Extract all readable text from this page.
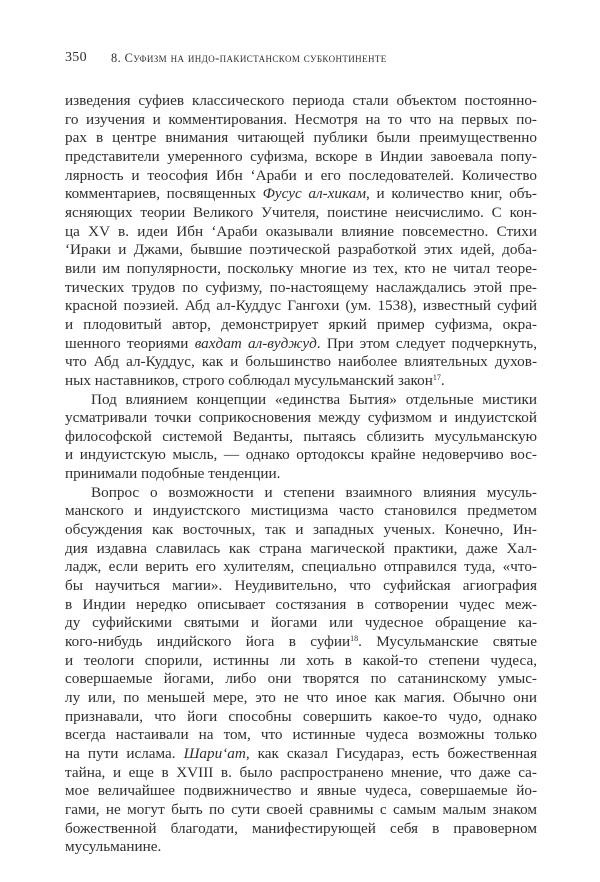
350 8. Суфизм на индо-пакистанском субконтиненте
изведения суфиев классического периода стали объектом постоянно-
го изучения и комментирования. Несмотря на то что на первых по-
рах в центре внимания читающей публики были преимущественно
представители умеренного суфизма, вскоре в Индии завоевала попу-
лярность и теософия Ибн ‘Араби и его последователей. Количество
комментариев, посвященных Фусус ал-хикам, и количество книг, объ-
ясняющих теории Великого Учителя, поистине неисчислимо. С кон-
ца XV в. идеи Ибн ‘Араби оказывали влияние повсеместно. Стихи
‘Ираки и Джами, бывшие поэтической разработкой этих идей, доба-
вили им популярности, поскольку многие из тех, кто не читал теоре-
тических трудов по суфизму, по-настоящему наслаждались этой пре-
красной поэзией. Абд ал-Куддус Гангохи (ум. 1538), известный суфий
и плодовитый автор, демонстрирует яркий пример суфизма, окра-
шенного теориями вахдат ал-вуджуд. При этом следует подчеркнуть,
что Абд ал-Куддус, как и большинство наиболее влиятельных духов-
ных наставников, строго соблюдал мусульманский закон$^{17}$.
Под влиянием концепции «единства Бытия» отдельные мистики
усматривали точки соприкосновения между суфизмом и индуистской
философской системой Веданты, пытаясь сблизить мусульманскую
и индуистскую мысль, — однако ортодоксы крайне недоверчиво вос-
принимали подобные тенденции.
Вопрос о возможности и степени взаимного влияния мусуль-
манского и индуистского мистицизма часто становился предметом
обсуждения как восточных, так и западных ученых. Конечно, Ин-
дия издавна славилась как страна магической практики, даже Хал-
ладж, если верить его хулителям, специально отправился туда, «что-
бы научиться магии». Неудивительно, что суфийская агиография
в Индии нередко описывает состязания в сотворении чудес меж-
ду суфийскими святыми и йогами или чудесное обращение ка-
кого-нибудь индийского йога в суфии$^{18}$. Мусульманские святые
и теологи спорили, истинны ли хоть в какой-то степени чудеса,
совершаемые йогами, либо они творятся по сатанинскому умыс-
лу или, по меньшей мере, это не что иное как магия. Обычно они
признавали, что йоги способны совершить какое-то чудо, однако
всегда настаивали на том, что истинные чудеса возможны только
на пути ислама. Шари‘ат, как сказал Гисудараз, есть божественная
тайна, и еще в XVIII в. было распространено мнение, что даже са-
мое величайшее подвижничество и явные чудеса, совершаемые йо-
гами, не могут быть по сути своей сравнимы с самым малым знаком
божественной благодати, манифестирующей себя в правоверном
мусульманине.
